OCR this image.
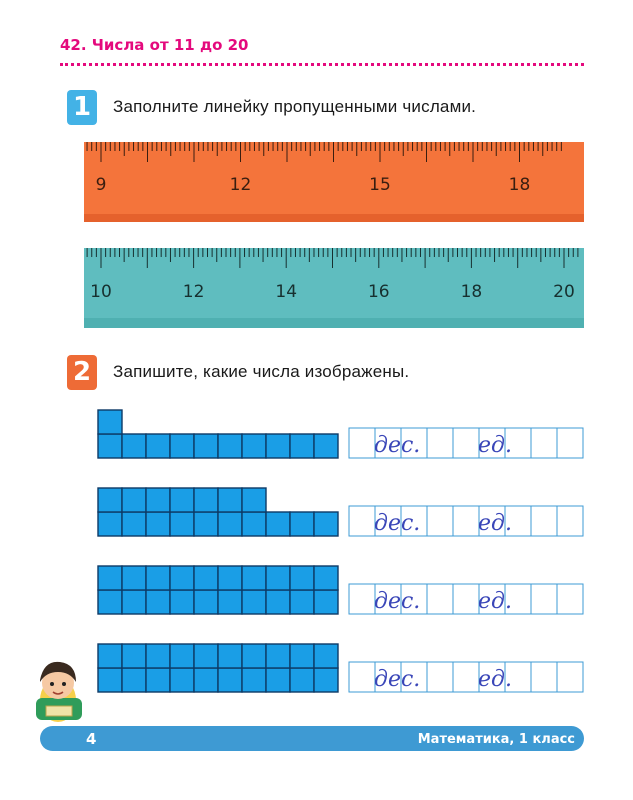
42. Числа от 11 до 20
1	Заполните линейку пропущенными числами.
9	12	15	18
10	12	14	16	18	20
дес.	ед.
дес.	ед.
дес.	ед.
дес.	ед.
2	Запишите, какие числа изображены.
4	Математика, 1 класс
